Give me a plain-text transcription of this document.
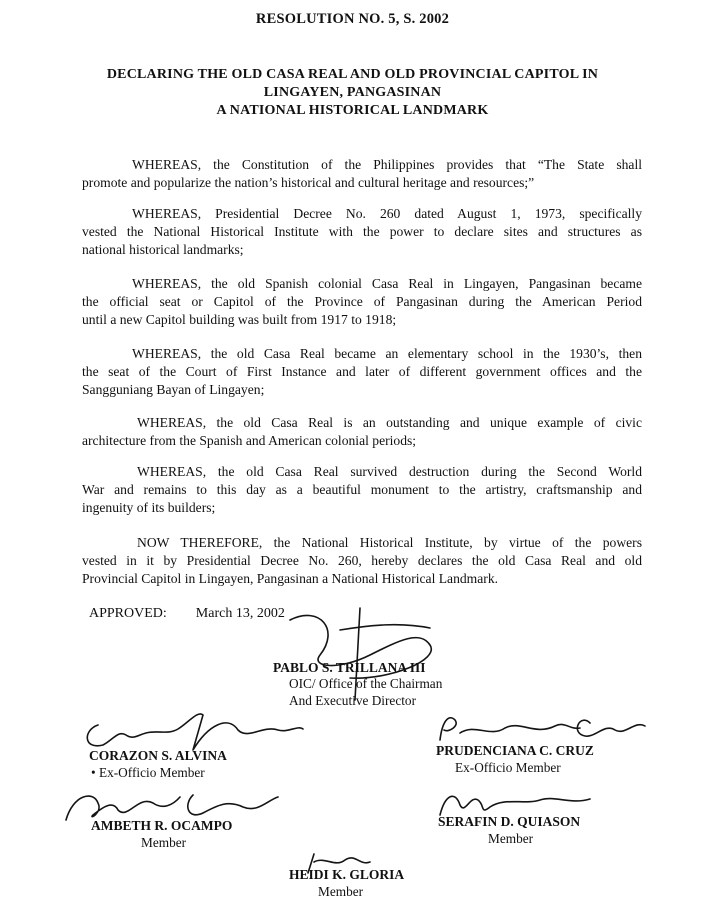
RESOLUTION NO. 5, S. 2002
DECLARING THE OLD CASA REAL AND OLD PROVINCIAL CAPITOL IN
LINGAYEN, PANGASINAN
A NATIONAL HISTORICAL LANDMARK
WHEREAS, the Constitution of the Philippines provides that “The State shall
promote and popularize the nation’s historical and cultural heritage and resources;”
WHEREAS, Presidential Decree No. 260 dated August 1, 1973, specifically
vested the National Historical Institute with the power to declare sites and structures as
national historical landmarks;
WHEREAS, the old Spanish colonial Casa Real in Lingayen, Pangasinan became
the official seat or Capitol of the Province of Pangasinan during the American Period
until a new Capitol building was built from 1917 to 1918;
WHEREAS, the old Casa Real became an elementary school in the 1930’s, then
the seat of the Court of First Instance and later of different government offices and the
Sangguniang Bayan of Lingayen;
WHEREAS, the old Casa Real is an outstanding and unique example of civic
architecture from the Spanish and American colonial periods;
WHEREAS, the old Casa Real survived destruction during the Second World
War and remains to this day as a beautiful monument to the artistry, craftsmanship and
ingenuity of its builders;
NOW THEREFORE, the National Historical Institute, by virtue of the powers
vested in it by Presidential Decree No. 260, hereby declares the old Casa Real and old
Provincial Capitol in Lingayen, Pangasinan a National Historical Landmark.
APPROVED: March 13, 2002
PABLO S. TRILLANA III
OIC/ Office of the Chairman
And Executive Director
CORAZON S. ALVINA
• Ex-Officio Member
PRUDENCIANA C. CRUZ
Ex-Officio Member
AMBETH R. OCAMPO
Member
SERAFIN D. QUIASON
Member
HEIDI K. GLORIA
Member
